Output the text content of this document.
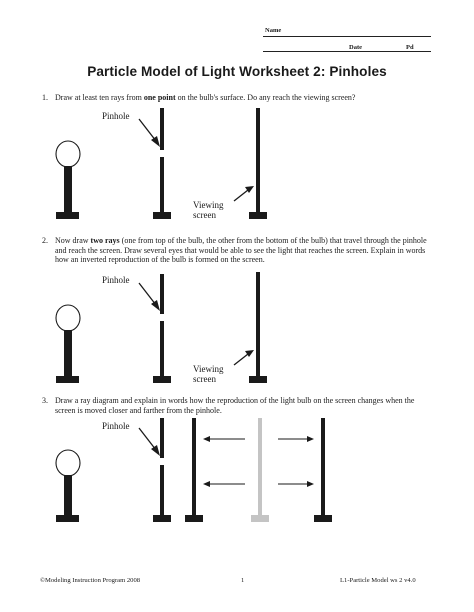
Name
Date	Pd
Particle Model of Light Worksheet 2: Pinholes
1. Draw at least ten rays from one point on the bulb's surface. Do any reach the viewing screen?
Pinhole
Viewing
screen
2. Now draw two rays (one from top of the bulb, the other from the bottom of the bulb) that travel through the pinhole and reach the screen. Draw several eyes that would be able to see the light that reaches the screen. Explain in words how an inverted reproduction of the bulb is formed on the screen.
Pinhole
Viewing
screen
3. Draw a ray diagram and explain in words how the reproduction of the light bulb on the screen changes when the screen is moved closer and farther from the pinhole.
Pinhole
©Modeling Instruction Program 2008	1	L1-Particle Model ws 2 v4.0
